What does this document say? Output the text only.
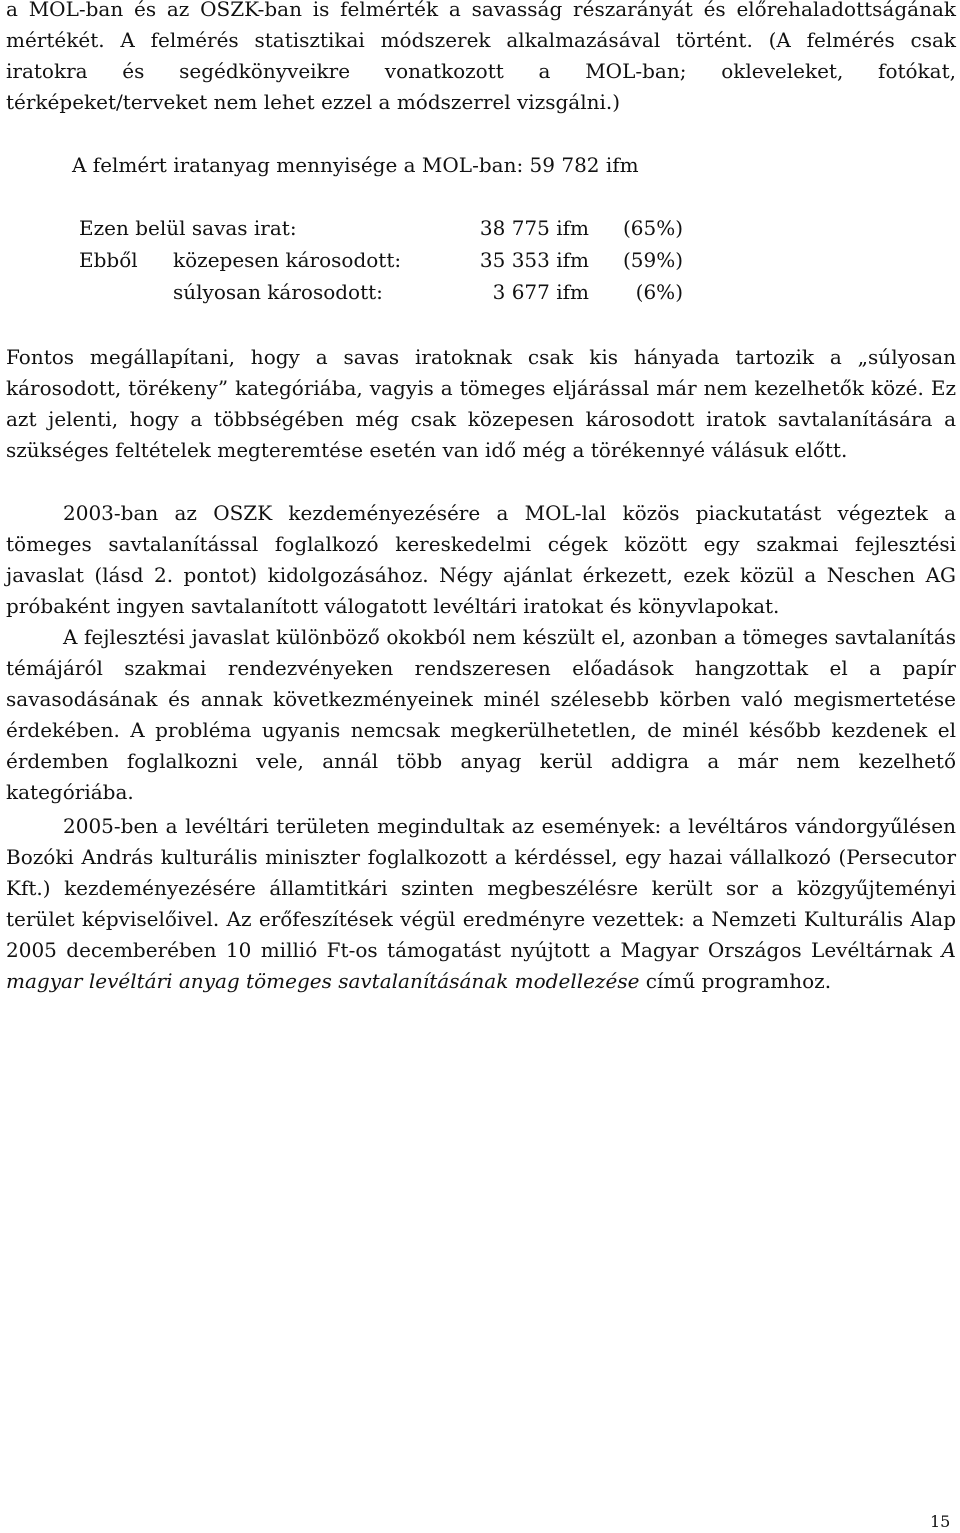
a MOL-ban és az OSZK-ban is felmérték a savasság részarányát és előrehaladottságának mértékét. A felmérés statisztikai módszerek alkalmazásával történt. (A felmérés csak iratokra és segédkönyveikre vonatkozott a MOL-ban; okleveleket, fotókat, térképeket/terveket nem lehet ezzel a módszerrel vizsgálni.)

A felmért iratanyag mennyisége a MOL-ban: 59 782 ifm
Ezen belül savas irat:	38 775 ifm	(65%)
Ebből közepesen károsodott:	35 353 ifm	(59%)
súlyosan károsodott:	3 677 ifm	(6%)

Fontos megállapítani, hogy a savas iratoknak csak kis hányada tartozik a „súlyosan károsodott, törékeny” kategóriába, vagyis a tömeges eljárással már nem kezelhetők közé. Ez azt jelenti, hogy a többségében még csak közepesen károsodott iratok savtalanítására a szükséges feltételek megteremtése esetén van idő még a törékennyé válásuk előtt.

2003-ban az OSZK kezdeményezésére a MOL-lal közös piackutatást végeztek a tömeges savtalanítással foglalkozó kereskedelmi cégek között egy szakmai fejlesztési javaslat (lásd 2. pontot) kidolgozásához. Négy ajánlat érkezett, ezek közül a Neschen AG próbaként ingyen savtalanított válogatott levéltári iratokat és könyvlapokat.

A fejlesztési javaslat különböző okokból nem készült el, azonban a tömeges savtalanítás témájáról szakmai rendezvényeken rendszeresen előadások hangzottak el a papír savasodásának és annak következményeinek minél szélesebb körben való megismertetése érdekében. A probléma ugyanis nemcsak megkerülhetetlen, de minél később kezdenek el érdemben foglalkozni vele, annál több anyag kerül addigra a már nem kezelhető kategóriába.

2005-ben a levéltári területen megindultak az események: a levéltáros vándorgyűlésen Bozóki András kulturális miniszter foglalkozott a kérdéssel, egy hazai vállalkozó (Persecutor Kft.) kezdeményezésére államtitkári szinten megbeszélésre került sor a közgyűjteményi terület képviselőivel. Az erőfeszítések végül eredményre vezettek: a Nemzeti Kulturális Alap 2005 decemberében 10 millió Ft-os támogatást nyújtott a Magyar Országos Levéltárnak A magyar levéltári anyag tömeges savtalanításának modellezése című programhoz.

15
